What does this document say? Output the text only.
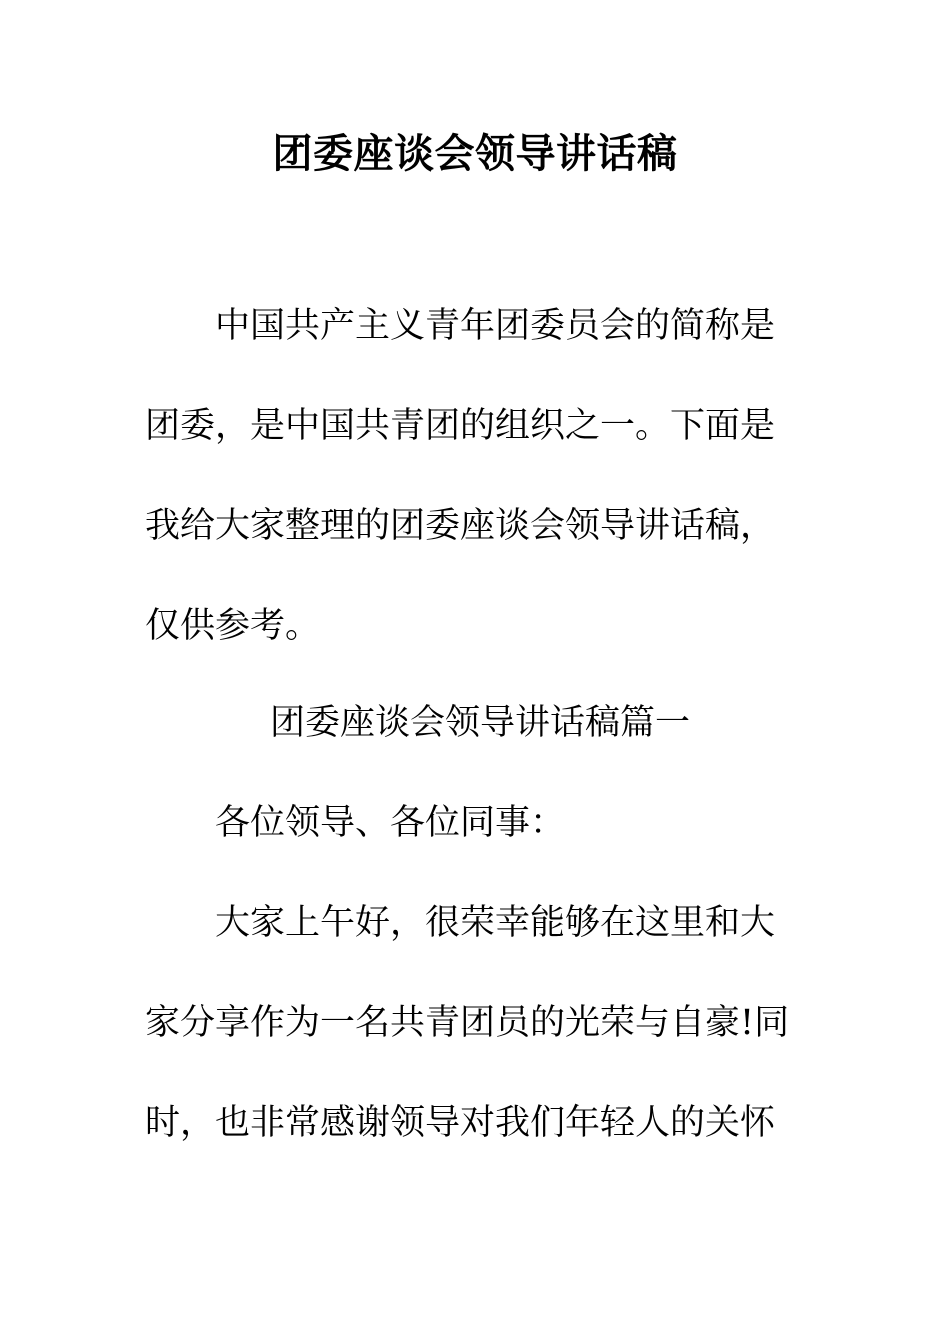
团委座谈会领导讲话稿
中国共产主义青年团委员会的简称是
团委，是中国共青团的组织之一。下面是
我给大家整理的团委座谈会领导讲话稿，
仅供参考。
团委座谈会领导讲话稿篇一
各位领导、各位同事：
大家上午好，很荣幸能够在这里和大
家分享作为一名共青团员的光荣与自豪!同
时，也非常感谢领导对我们年轻人的关怀
